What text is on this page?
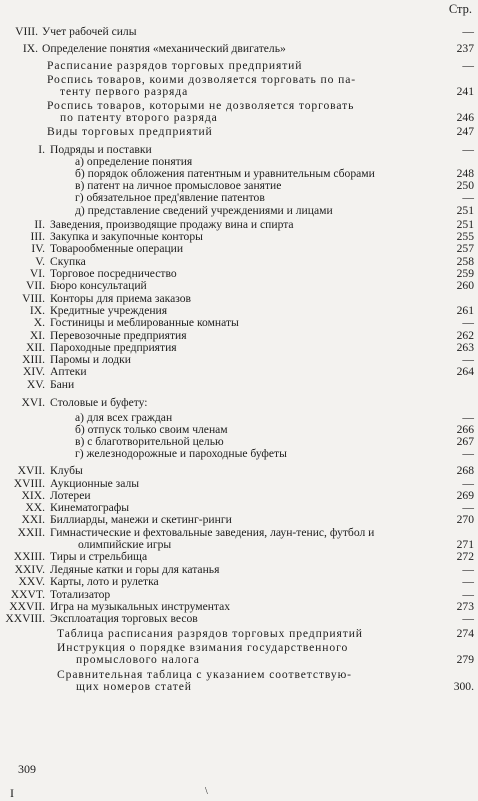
Стр.
VIII. Учет рабочей силы	—
IX. Определение понятия «механический двигатель»	237
Расписание разрядов торговых предприятий	—
Роспись товаров, коими дозволяется торговать по па-
тенту первого разряда	241
Роспись товаров, которыми не дозволяется торговать
по патенту второго разряда	246
Виды торговых предприятий	247
I. Подряды и поставки	—
а) определение понятия
б) порядок обложения патентным и уравнительным сборами	248
в) патент на личное промысловое занятие	250
г) обязательное пред'явление патентов	—
д) представление сведений учреждениями и лицами	251
II. Заведения, производящие продажу вина и спирта	251
III. Закупка и закупочные конторы	255
IV. Товарообменные операции	257
V. Скупка	258
VI. Торговое посредничество	259
VII. Бюро консультаций	260
VIII. Конторы для приема заказов
IX. Кредитные учреждения	261
X. Гостиницы и меблированные комнаты	—
XI. Перевозочные предприятия	262
XII. Пароходные предприятия	263
XIII. Паромы и лодки	—
XIV. Аптеки	264
XV. Бани
XVI. Столовые и буфету:
а) для всех граждан	—
б) отпуск только своим членам	266
в) с благотворительной целью	267
г) железнодорожные и пароходные буфеты	—
XVII. Клубы	268
XVIII. Аукционные залы	—
XIX. Лотереи	269
XX. Кинематографы	—
XXI. Биллиарды, манежи и скетинг-ринги	270
XXII. Гимнастические и фехтовальные заведения, лаун-тенис, футбол и
олимпийские игры	271
XXIII. Тиры и стрельбища	272
XXIV. Ледяные катки и горы для катанья	—
XXV. Карты, лото и рулетка	—
XXVT. Тотализатор	—
XXVII. Игра на музыкальных инструментах	273
XXVIII. Эксплоатация торговых весов	—
Таблица расписания разрядов торговых предприятий	274
Инструкция о порядке взимания государственного
промыслового налога	279
Сравнительная таблица с указанием соответствую-
щих номеров статей	300.
309
I	\
